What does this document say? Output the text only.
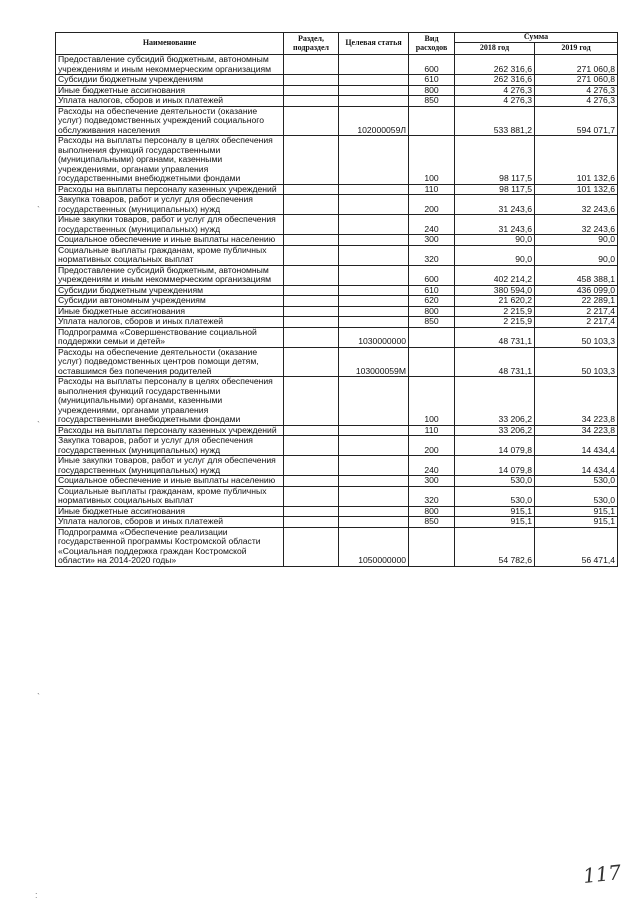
Наименование	Раздел, подраздел	Целевая статья	Вид расходов	Сумма	
				2018 год	2019 год
Предоставление субсидий бюджетным, автономным учреждениям и иным некоммерческим организациям			600	262 316,6	271 060,8
Субсидии бюджетным учреждениям			610	262 316,6	271 060,8
Иные бюджетные ассигнования			800	4 276,3	4 276,3
Уплата налогов, сборов и иных платежей			850	4 276,3	4 276,3
Расходы на обеспечение деятельности (оказание услуг) подведомственных учреждений социального обслуживания населения		102000059Л		533 881,2	594 071,7
Расходы на выплаты персоналу в целях обеспечения выполнения функций государственными (муниципальными) органами, казенными учреждениями, органами управления государственными внебюджетными фондами			100	98 117,5	101 132,6
Расходы на выплаты персоналу казенных учреждений			110	98 117,5	101 132,6
Закупка товаров, работ и услуг для обеспечения государственных (муниципальных) нужд			200	31 243,6	32 243,6
Иные закупки товаров, работ и услуг для обеспечения государственных (муниципальных) нужд			240	31 243,6	32 243,6
Социальное обеспечение и иные выплаты населению			300	90,0	90,0
Социальные выплаты гражданам, кроме публичных нормативных социальных выплат			320	90,0	90,0
Предоставление субсидий бюджетным, автономным учреждениям и иным некоммерческим организациям			600	402 214,2	458 388,1
Субсидии бюджетным учреждениям			610	380 594,0	436 099,0
Субсидии автономным учреждениям			620	21 620,2	22 289,1
Иные бюджетные ассигнования			800	2 215,9	2 217,4
Уплата налогов, сборов и иных платежей			850	2 215,9	2 217,4
Подпрограмма «Совершенствование социальной поддержки семьи и детей»		1030000000		48 731,1	50 103,3
Расходы на обеспечение деятельности (оказание услуг) подведомственных центров помощи детям, оставшимся без попечения родителей		103000059М		48 731,1	50 103,3
Расходы на выплаты персоналу в целях обеспечения выполнения функций государственными (муниципальными) органами, казенными учреждениями, органами управления государственными внебюджетными фондами			100	33 206,2	34 223,8
Расходы на выплаты персоналу казенных учреждений			110	33 206,2	34 223,8
Закупка товаров, работ и услуг для обеспечения государственных (муниципальных) нужд			200	14 079,8	14 434,4
Иные закупки товаров, работ и услуг для обеспечения государственных (муниципальных) нужд			240	14 079,8	14 434,4
Социальное обеспечение и иные выплаты населению			300	530,0	530,0
Социальные выплаты гражданам, кроме публичных нормативных социальных выплат			320	530,0	530,0
Иные бюджетные ассигнования			800	915,1	915,1
Уплата налогов, сборов и иных платежей			850	915,1	915,1
Подпрограмма «Обеспечение реализации государственной программы Костромской области «Социальная поддержка граждан Костромской области» на 2014-2020 годы»		1050000000		54 782,6	56 471,4
`
`
`
:
117
